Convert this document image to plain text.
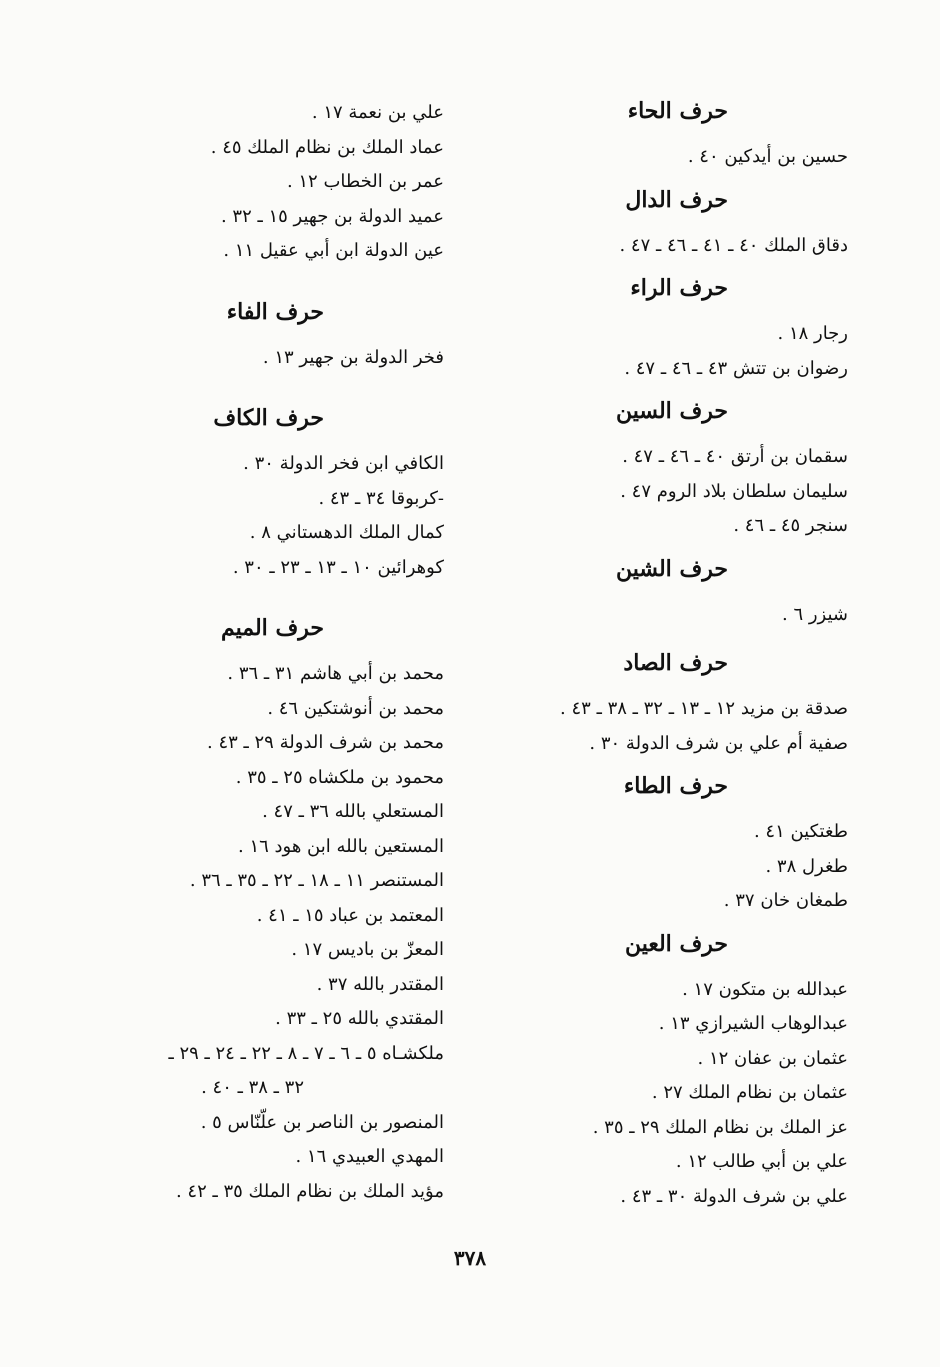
حرف الحاء
حسين بن أيدكين ٤٠ .
حرف الدال
دقاق الملك ٤٠ ـ ٤١ ـ ٤٦ ـ ٤٧ .
حرف الراء
رجار ١٨ .
رضوان بن تتش ٤٣ ـ ٤٦ ـ ٤٧ .
حرف السين
سقمان بن أرتق ٤٠ ـ ٤٦ ـ ٤٧ .
سليمان سلطان بلاد الروم ٤٧ .
سنجر ٤٥ ـ ٤٦ .
حرف الشين
شيزر ٦ .
حرف الصاد
صدقة بن مزيد ١٢ ـ ١٣ ـ ٣٢ ـ ٣٨ ـ ٤٣ .
صفية أم علي بن شرف الدولة ٣٠ .
حرف الطاء
طغتكين ٤١ .
طغرل ٣٨ .
طمغان خان ٣٧ .
حرف العين
عبدالله بن متكون ١٧ .
عبدالوهاب الشيرازي ١٣ .
عثمان بن عفان ١٢ .
عثمان بن نظام الملك ٢٧ .
عز الملك بن نظام الملك ٢٩ ـ ٣٥ .
علي بن أبي طالب ١٢ .
علي بن شرف الدولة ٣٠ ـ ٤٣ .
علي بن نعمة ١٧ .
عماد الملك بن نظام الملك ٤٥ .
عمر بن الخطاب ١٢ .
عميد الدولة بن جهير ١٥ ـ ٣٢ .
عين الدولة ابن أبي عقيل ١١ .
حرف الفاء
فخر الدولة بن جهير ١٣ .
حرف الكاف
الكافي ابن فخر الدولة ٣٠ .
-كربوقا ٣٤ ـ ٤٣ .
كمال الملك الدهستاني ٨ .
كوهرائين ١٠ ـ ١٣ ـ ٢٣ ـ ٣٠ .
حرف الميم
محمد بن أبي هاشم ٣١ ـ ٣٦ .
محمد بن أنوشتكين ٤٦ .
محمد بن شرف الدولة ٢٩ ـ ٤٣ .
محمود بن ملكشاه ٢٥ ـ ٣٥ .
المستعلي بالله ٣٦ ـ ٤٧ .
المستعين بالله ابن هود ١٦ .
المستنصر ١١ ـ ١٨ ـ ٢٢ ـ ٣٥ ـ ٣٦ .
المعتمد بن عباد ١٥ ـ ٤١ .
المعزّ بن باديس ١٧ .
المقتدر بالله ٣٧ .
المقتدي بالله ٢٥ ـ ٣٣ .
ملكشـاه ٥ ـ ٦ ـ ٧ ـ ٨ ـ ٢٢ ـ ٢٤ ـ ٢٩ ـ
٣٢ ـ ٣٨ ـ ٤٠ .
المنصور بن الناصر بن علّنّاس ٥ .
المهدي العبيدي ١٦ .
مؤيد الملك بن نظام الملك ٣٥ ـ ٤٢ .
٣٧٨
